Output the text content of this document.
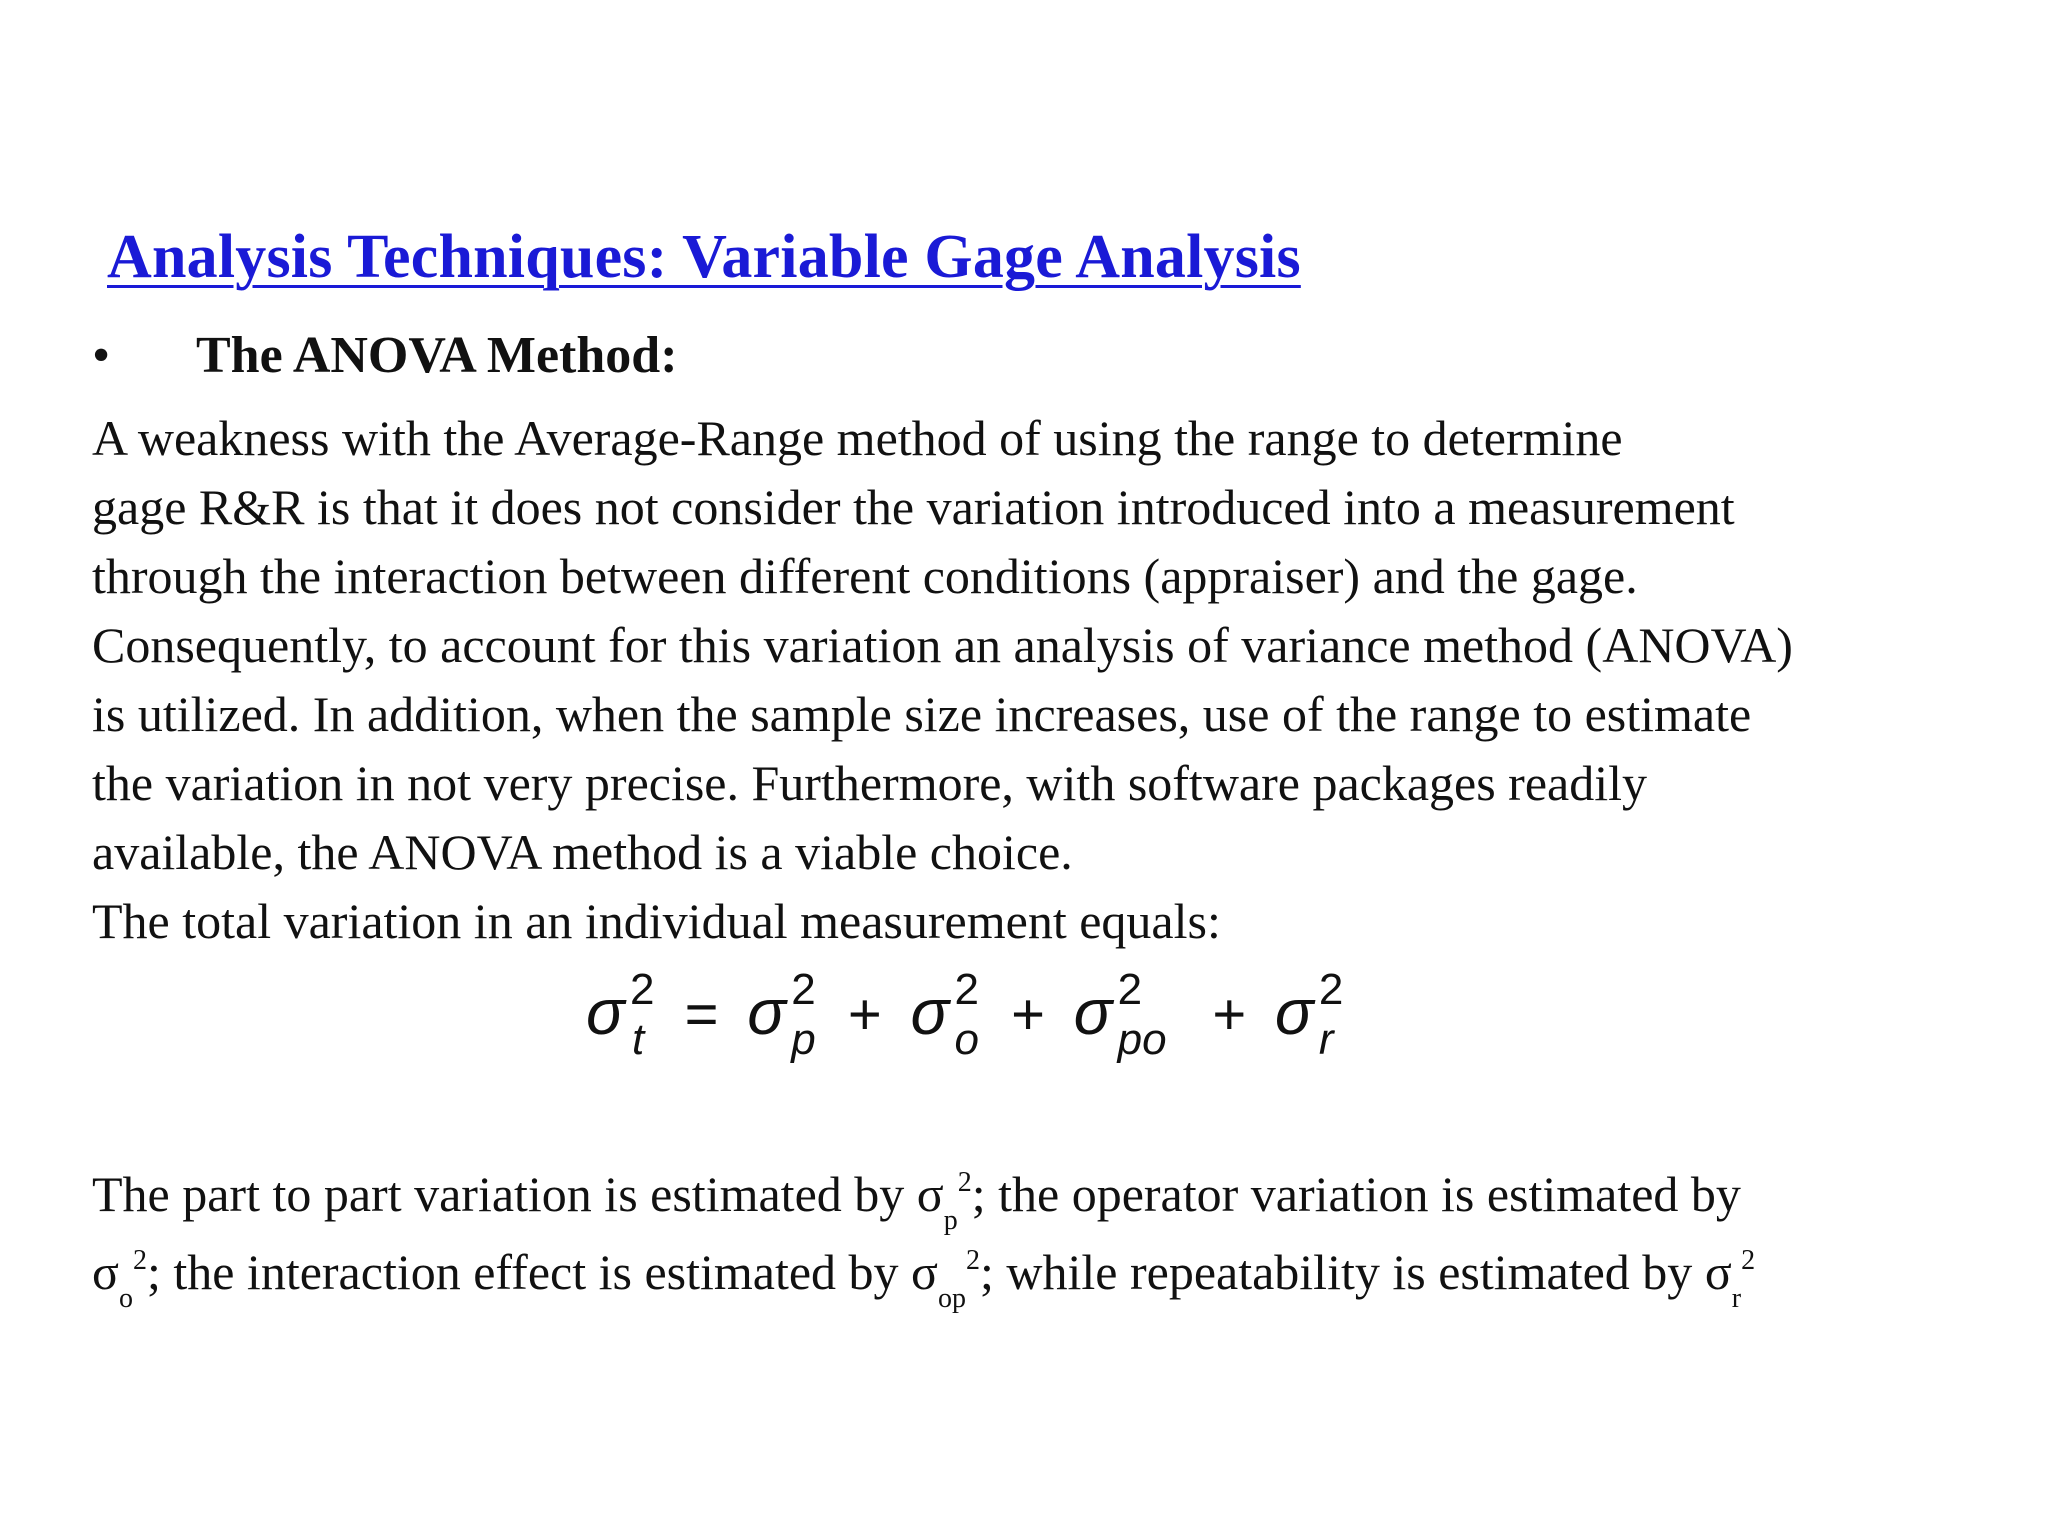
Analysis Techniques: Variable Gage Analysis
• The ANOVA Method:
A weakness with the Average-Range method of using the range to determine
gage R&R is that it does not consider the variation introduced into a measurement
through the interaction between different conditions (appraiser) and the gage.
Consequently, to account for this variation an analysis of variance method (ANOVA)
is utilized. In addition, when the sample size increases, use of the range to estimate
the variation in not very precise. Furthermore, with software packages readily
available, the ANOVA method is a viable choice.
The total variation in an individual measurement equals:
σ 2
t = σ 2
p + σ 2
o + σ 2
po + σ 2
r
The part to part variation is estimated by $\sigma_p^2$; the operator variation is estimated by
$\sigma_o^2$; the interaction effect is estimated by $\sigma_{op}^2$; while repeatability is estimated by $\sigma_r^2$
